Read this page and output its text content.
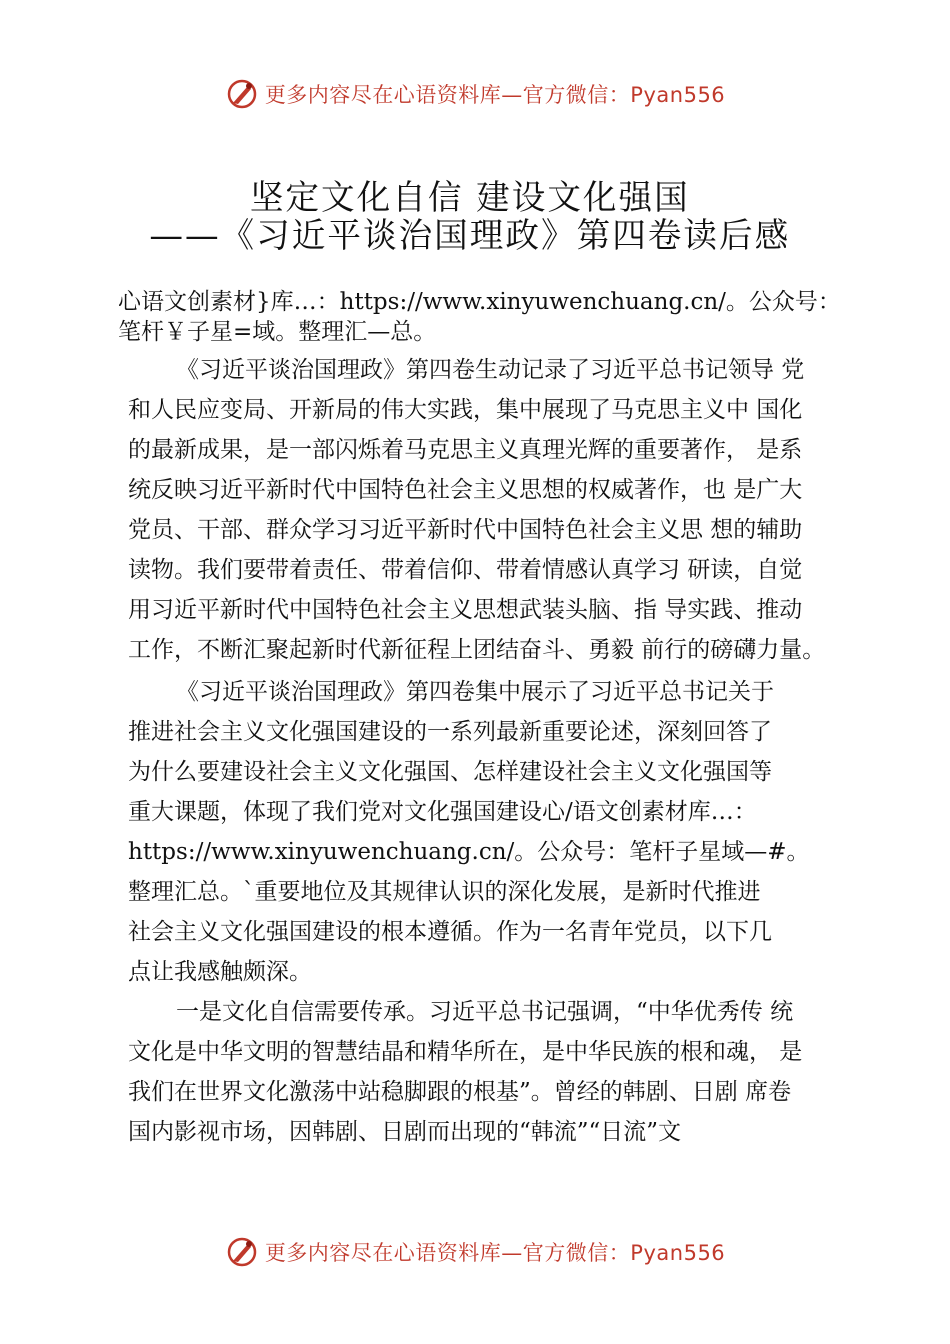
更多内容尽在心语资料库—官方微信：Pyan556
坚定文化自信 建设文化强国
——《习近平谈治国理政》第四卷读后感
心语文创素材}库…：https://www.xinyuwenchuang.cn/。公众号：
笔杆￥子星=域。整理汇—总。
《习近平谈治国理政》第四卷生动记录了习近平总书记领导 党
和人民应变局、开新局的伟大实践，集中展现了马克思主义中 国化
的最新成果，是一部闪烁着马克思主义真理光辉的重要著作， 是系
统反映习近平新时代中国特色社会主义思想的权威著作，也 是广大
党员、干部、群众学习习近平新时代中国特色社会主义思 想的辅助
读物。我们要带着责任、带着信仰、带着情感认真学习 研读，自觉
用习近平新时代中国特色社会主义思想武装头脑、指 导实践、推动
工作，不断汇聚起新时代新征程上团结奋斗、勇毅 前行的磅礴力量。
《习近平谈治国理政》第四卷集中展示了习近平总书记关于
推进社会主义文化强国建设的一系列最新重要论述，深刻回答了
为什么要建设社会主义文化强国、怎样建设社会主义文化强国等
重大课题，体现了我们党对文化强国建设心/语文创素材库…：
https://www.xinyuwenchuang.cn/。公众号：笔杆子星域—#。
整理汇总。`重要地位及其规律认识的深化发展，是新时代推进
社会主义文化强国建设的根本遵循。作为一名青年党员，以下几
点让我感触颇深。
一是文化自信需要传承。习近平总书记强调，“中华优秀传 统
文化是中华文明的智慧结晶和精华所在，是中华民族的根和魂， 是
我们在世界文化激荡中站稳脚跟的根基”。曾经的韩剧、日剧 席卷
国内影视市场，因韩剧、日剧而出现的“韩流”“日流”文
更多内容尽在心语资料库—官方微信：Pyan556
